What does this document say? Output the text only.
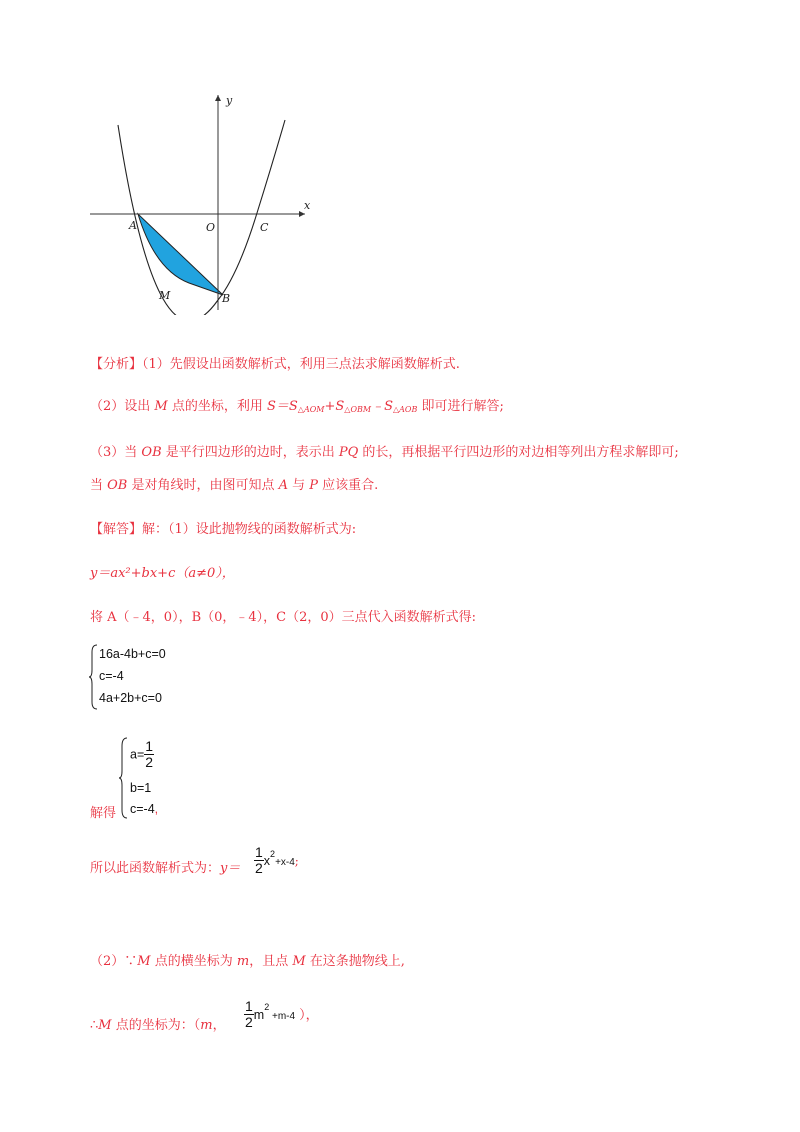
y
x
A	O	C
M	B
【分析】（1）先假设出函数解析式，利用三点法求解函数解析式.
（2）设出 M 点的坐标，利用 $S=S_{\triangle AOM}+S_{\triangle OBM}﹣S_{\triangle AOB}$ 即可进行解答;
（3）当 OB 是平行四边形的边时，表示出 PQ 的长，再根据平行四边形的对边相等列出方程求解即可;
当 OB 是对角线时，由图可知点 A 与 P 应该重合.
【解答】解：（1）设此抛物线的函数解析式为:
y＝ax²+bx+c（a≠0），
将 A（﹣4，0），B（0，﹣4），C（2，0）三点代入函数解析式得:
16a-4b+c=0
c=-4
4a+2b+c=0
$a= \frac{1}{2}$
b=1
c=-4,
解得
所以此函数解析式为：$y= \frac{1}{2} x^2+x-4$;
（2）∵M 点的横坐标为 m，且点 M 在这条抛物线上,
∴M 点的坐标为：（m， $\frac{1}{2} m^2 +m-4$ ），
